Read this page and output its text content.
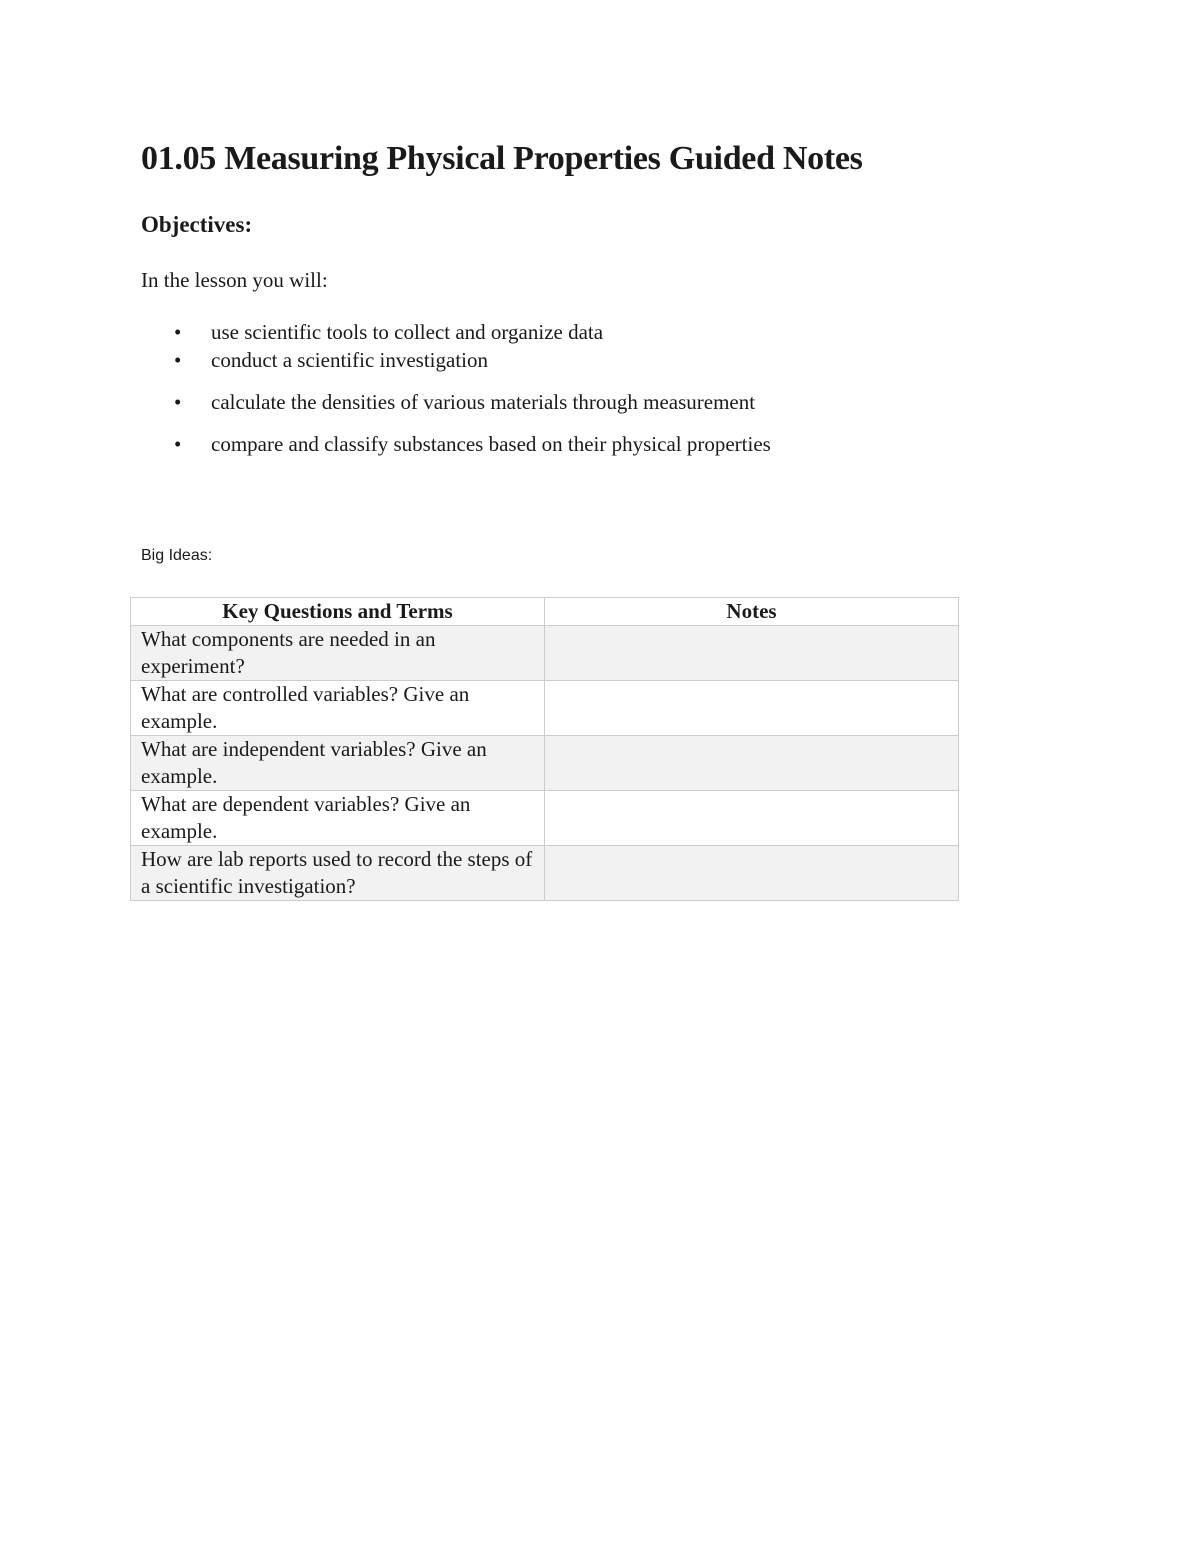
01.05 Measuring Physical Properties Guided Notes
Objectives:

In the lesson you will:

• use scientific tools to collect and organize data
• conduct a scientific investigation
• calculate the densities of various materials through measurement
• compare and classify substances based on their physical properties

Big Ideas:

Key Questions and Terms	Notes
What components are needed in an experiment?	
What are controlled variables? Give an example.	
What are independent variables? Give an example.	
What are dependent variables? Give an example.	
How are lab reports used to record the steps of a scientific investigation?	
